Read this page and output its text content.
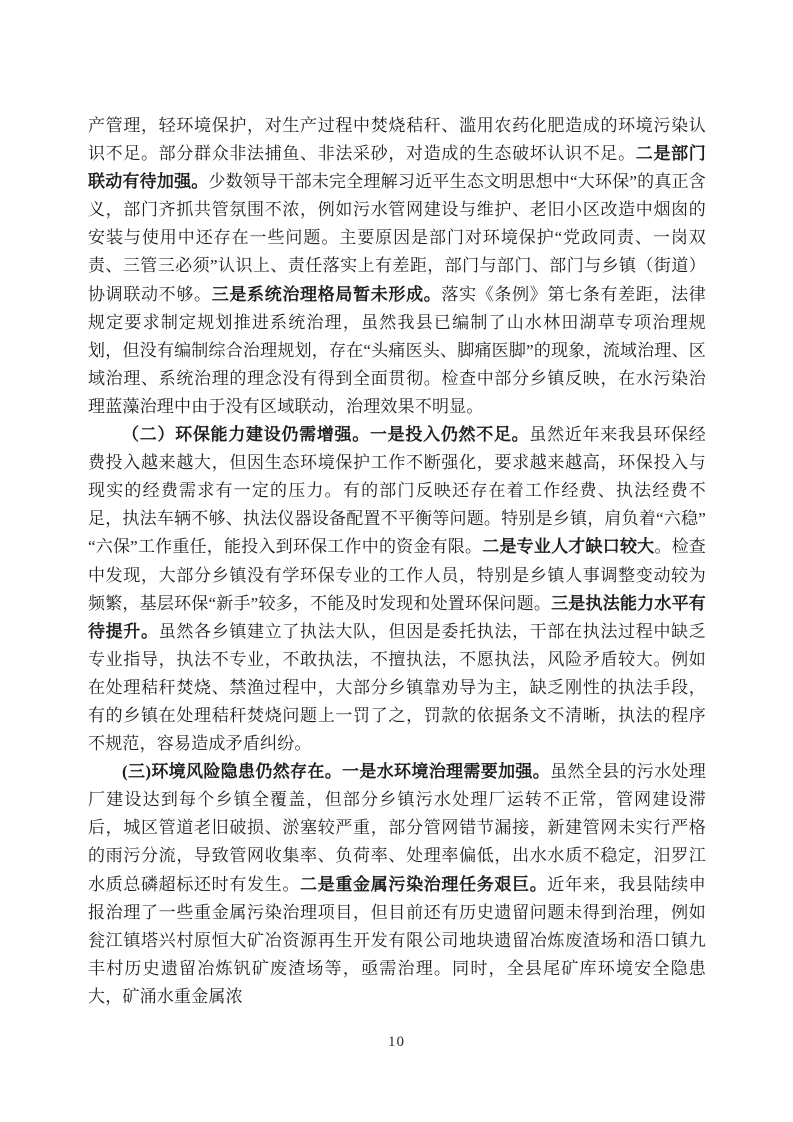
产管理，轻环境保护，对生产过程中焚烧秸秆、滥用农药化肥造成的环境污染认识不足。部分群众非法捕鱼、非法采砂，对造成的生态破坏认识不足。二是部门联动有待加强。少数领导干部未完全理解习近平生态文明思想中“大环保”的真正含义，部门齐抓共管氛围不浓，例如污水管网建设与维护、老旧小区改造中烟囱的安装与使用中还存在一些问题。主要原因是部门对环境保护“党政同责、一岗双责、三管三必须”认识上、责任落实上有差距，部门与部门、部门与乡镇（街道）协调联动不够。三是系统治理格局暂未形成。落实《条例》第七条有差距，法律规定要求制定规划推进系统治理，虽然我县已编制了山水林田湖草专项治理规划，但没有编制综合治理规划，存在“头痛医头、脚痛医脚”的现象，流域治理、区域治理、系统治理的理念没有得到全面贯彻。检查中部分乡镇反映，在水污染治理蓝藻治理中由于没有区域联动，治理效果不明显。

（二）环保能力建设仍需增强。一是投入仍然不足。虽然近年来我县环保经费投入越来越大，但因生态环境保护工作不断强化，要求越来越高，环保投入与现实的经费需求有一定的压力。有的部门反映还存在着工作经费、执法经费不足，执法车辆不够、执法仪器设备配置不平衡等问题。特别是乡镇，肩负着“六稳”“六保”工作重任，能投入到环保工作中的资金有限。二是专业人才缺口较大。检查中发现，大部分乡镇没有学环保专业的工作人员，特别是乡镇人事调整变动较为频繁，基层环保“新手”较多，不能及时发现和处置环保问题。三是执法能力水平有待提升。虽然各乡镇建立了执法大队，但因是委托执法，干部在执法过程中缺乏专业指导，执法不专业，不敢执法，不擅执法，不愿执法，风险矛盾较大。例如在处理秸秆焚烧、禁渔过程中，大部分乡镇靠劝导为主，缺乏刚性的执法手段，有的乡镇在处理秸秆焚烧问题上一罚了之，罚款的依据条文不清晰，执法的程序不规范，容易造成矛盾纠纷。

(三)环境风险隐患仍然存在。一是水环境治理需要加强。虽然全县的污水处理厂建设达到每个乡镇全覆盖，但部分乡镇污水处理厂运转不正常，管网建设滞后，城区管道老旧破损、淤塞较严重，部分管网错节漏接，新建管网未实行严格的雨污分流，导致管网收集率、负荷率、处理率偏低，出水水质不稳定，汨罗江水质总磷超标还时有发生。二是重金属污染治理任务艰巨。近年来，我县陆续申报治理了一些重金属污染治理项目，但目前还有历史遗留问题未得到治理，例如瓮江镇塔兴村原恒大矿冶资源再生开发有限公司地块遗留冶炼废渣场和浯口镇九丰村历史遗留冶炼钒矿废渣场等，亟需治理。同时，全县尾矿库环境安全隐患大，矿涌水重金属浓

10
